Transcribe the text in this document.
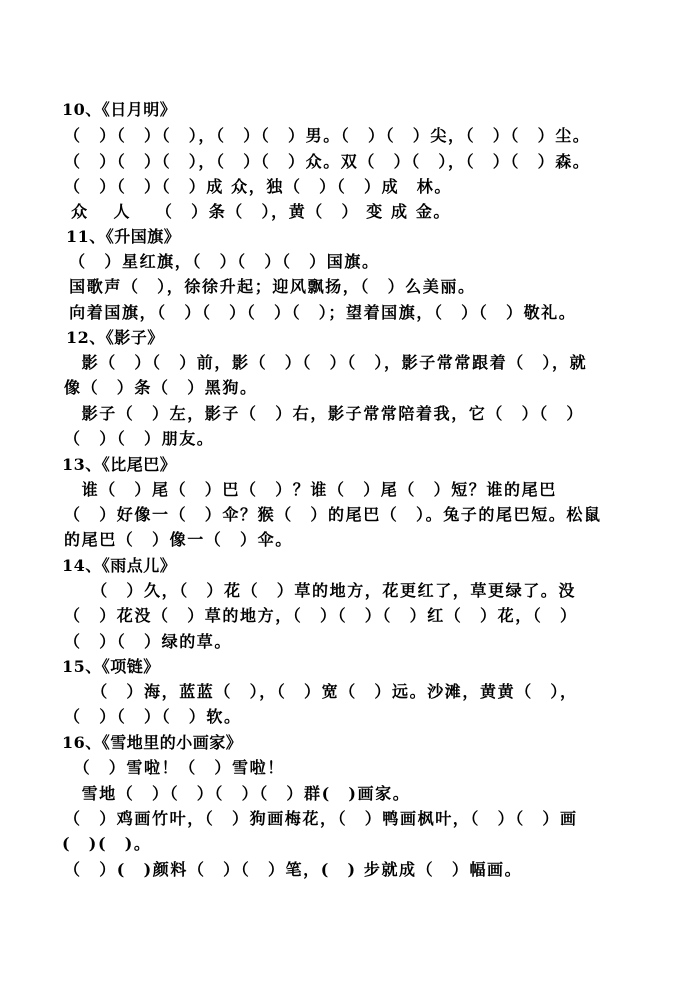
10、《日月明》
（　）（　）（　），（　）（　）男。（　）（　）尖，（　）（　）尘。
（　）（　）（　），（　）（　）众。双（　）（　），（　）（　）森。
（　）（　）（　）成 众，独（　）（　）成　林。
众　 人　 （　）条（　），黄（　） 变 成 金。
11、《升国旗》
（　）星红旗，（　）（　）（　）国旗。
国歌声（　），徐徐升起；迎风飘扬，（　）么美丽。
向着国旗，（　）（　）（　）（　）；望着国旗，（　）（　）敬礼。
12、《影子》
　影（　）（　）前，影（　）（　）（　），影子常常跟着（　），就
像（　）条（　）黑狗。
　影子（　）左，影子（　）右，影子常常陪着我，它（　）（　）
（　）（　）朋友。
13、《比尾巴》
　谁（　）尾（　）巴（　）？谁（　）尾（　）短？谁的尾巴
（　）好像一（　）伞？猴（　）的尾巴（　）。兔子的尾巴短。松鼠
的尾巴（　）像一（　）伞。
14、《雨点儿》
　　（　）久，（　）花（　）草的地方，花更红了，草更绿了。没
（　）花没（　）草的地方，（　）（　）（　）红（　）花，（　）
（　）（　）绿的草。
15、《项链》
　　（　）海，蓝蓝（　），（　）宽（　）远。沙滩，黄黄（　），
（　）（　）（　）软。
16、《雪地里的小画家》
　（　）雪啦！（　）雪啦！
　雪地（　）（　）（　）（　）群(　)画家。
（　）鸡画竹叶，（　）狗画梅花，（　）鸭画枫叶，（　）（　）画
(　)(　)。
（　）(　)颜料（　）（　）笔，(　) 步就成（　）幅画。
